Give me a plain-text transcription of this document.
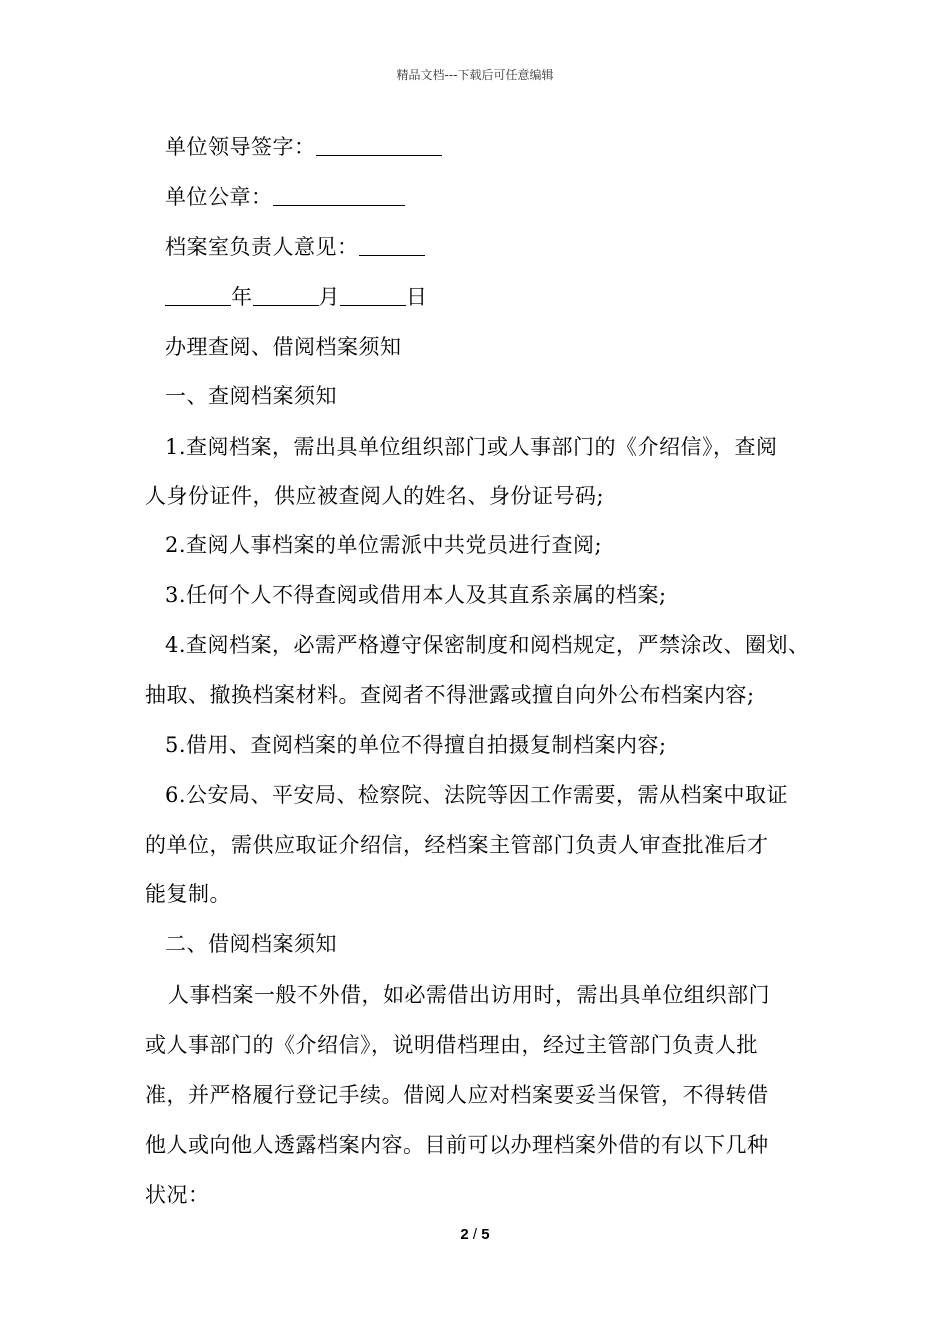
精品文档---下载后可任意编辑
单位领导签字：
单位公章：
档案室负责人意见：
年	月	日
办理查阅、借阅档案须知
一、查阅档案须知
1.查阅档案，需出具单位组织部门或人事部门的《介绍信》，查阅
人身份证件，供应被查阅人的姓名、身份证号码;
2.查阅人事档案的单位需派中共党员进行查阅;
3.任何个人不得查阅或借用本人及其直系亲属的档案;
4.查阅档案，必需严格遵守保密制度和阅档规定，严禁涂改、圈划、
抽取、撤换档案材料。查阅者不得泄露或擅自向外公布档案内容;
5.借用、查阅档案的单位不得擅自拍摄复制档案内容;
6.公安局、平安局、检察院、法院等因工作需要，需从档案中取证
的单位，需供应取证介绍信，经档案主管部门负责人审查批准后才
能复制。
二、借阅档案须知
人事档案一般不外借，如必需借出访用时，需出具单位组织部门
或人事部门的《介绍信》，说明借档理由，经过主管部门负责人批
准，并严格履行登记手续。借阅人应对档案要妥当保管，不得转借
他人或向他人透露档案内容。目前可以办理档案外借的有以下几种
状况：
2 / 5
